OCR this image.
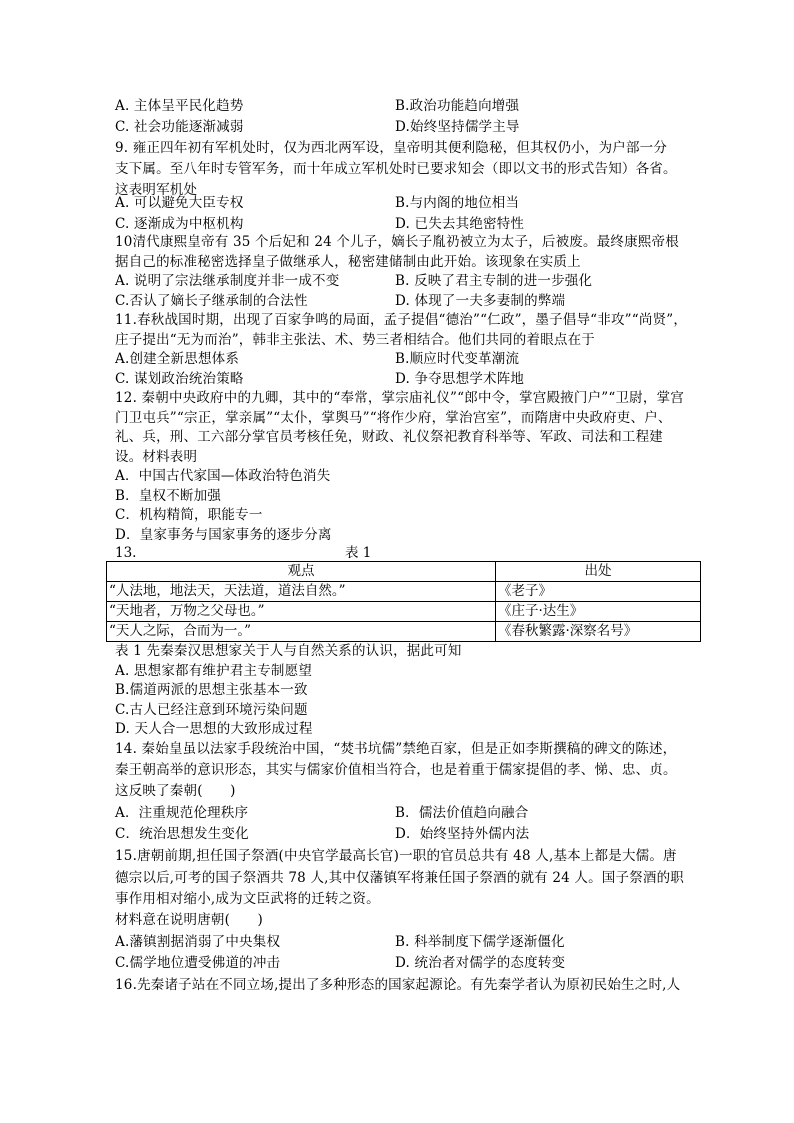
A. 主体呈平民化趋势	B.政治功能趋向增强
C. 社会功能逐渐减弱	D.始终坚持儒学主导
9. 雍正四年初有军机处时，仅为西北两军设，皇帝明其便利隐秘，但其权仍小，为户部一分
支下属。至八年时专管军务，而十年成立军机处时已要求知会（即以文书的形式告知）各省。
这表明军机处
A. 可以避免大臣专权	B.与内阁的地位相当
C. 逐渐成为中枢机构	D. 已失去其绝密特性
10清代康熙皇帝有 35 个后妃和 24 个儿子，嫡长子胤礽被立为太子，后被废。最终康熙帝根
据自己的标准秘密选择皇子做继承人，秘密建储制由此开始。该现象在实质上
A. 说明了宗法继承制度并非一成不变	B. 反映了君主专制的进一步强化
C.否认了嫡长子继承制的合法性	D. 体现了一夫多妻制的弊端
11.春秋战国时期，出现了百家争鸣的局面，孟子提倡“德治”“仁政”，墨子倡导“非攻”“尚贤”，
庄子提出“无为而治”，韩非主张法、术、势三者相结合。他们共同的着眼点在于
A.创建全新思想体系	B.顺应时代变革潮流
C. 谋划政治统治策略	D. 争夺思想学术阵地
12. 秦朝中央政府中的九卿，其中的“奉常，掌宗庙礼仪”“郎中令，掌宫殿掖门户”“卫尉，掌宫
门卫屯兵”“宗正，掌亲属”“太仆，掌舆马”“将作少府，掌治宫室”，而隋唐中央政府吏、户、
礼、兵，刑、工六部分掌官员考核任免，财政、礼仪祭祀教育科举等、军政、司法和工程建
设。材料表明
A．中国古代家国—体政治特色消失
B．皇权不断加强
C．机构精简，职能专一
D．皇家事务与国家事务的逐步分离
13.	表 1
观点	出处
“人法地，地法天，天法道，道法自然。”	《老子》
“天地者，万物之父母也。”	《庄子·达生》
“天人之际，合而为一。”	《春秋繁露·深察名号》
表 1 先秦秦汉思想家关于人与自然关系的认识，据此可知
A. 思想家都有维护君主专制愿望
B.儒道两派的思想主张基本一致
C.古人已经注意到环境污染问题
D. 天人合一思想的大致形成过程
14. 秦始皇虽以法家手段统治中国，“焚书坑儒”禁绝百家，但是正如李斯撰稿的碑文的陈述，
秦王朝高举的意识形态，其实与儒家价值相当符合，也是着重于儒家提倡的孝、悌、忠、贞。
这反映了秦朝(　　)
A．注重规范伦理秩序	B．儒法价值趋向融合
C．统治思想发生变化	D．始终坚持外儒内法
15.唐朝前期,担任国子祭酒(中央官学最高长官)一职的官员总共有 48 人,基本上都是大儒。唐
德宗以后,可考的国子祭酒共 78 人,其中仅藩镇军将兼任国子祭酒的就有 24 人。国子祭酒的职
事作用相对缩小,成为文臣武将的迁转之资。
材料意在说明唐朝(　　)
A.藩镇割据消弱了中央集权	B. 科举制度下儒学逐渐僵化
C.儒学地位遭受佛道的冲击	D. 统治者对儒学的态度转变
16.先秦诸子站在不同立场,提出了多种形态的国家起源论。有先秦学者认为原初民始生之时,人
